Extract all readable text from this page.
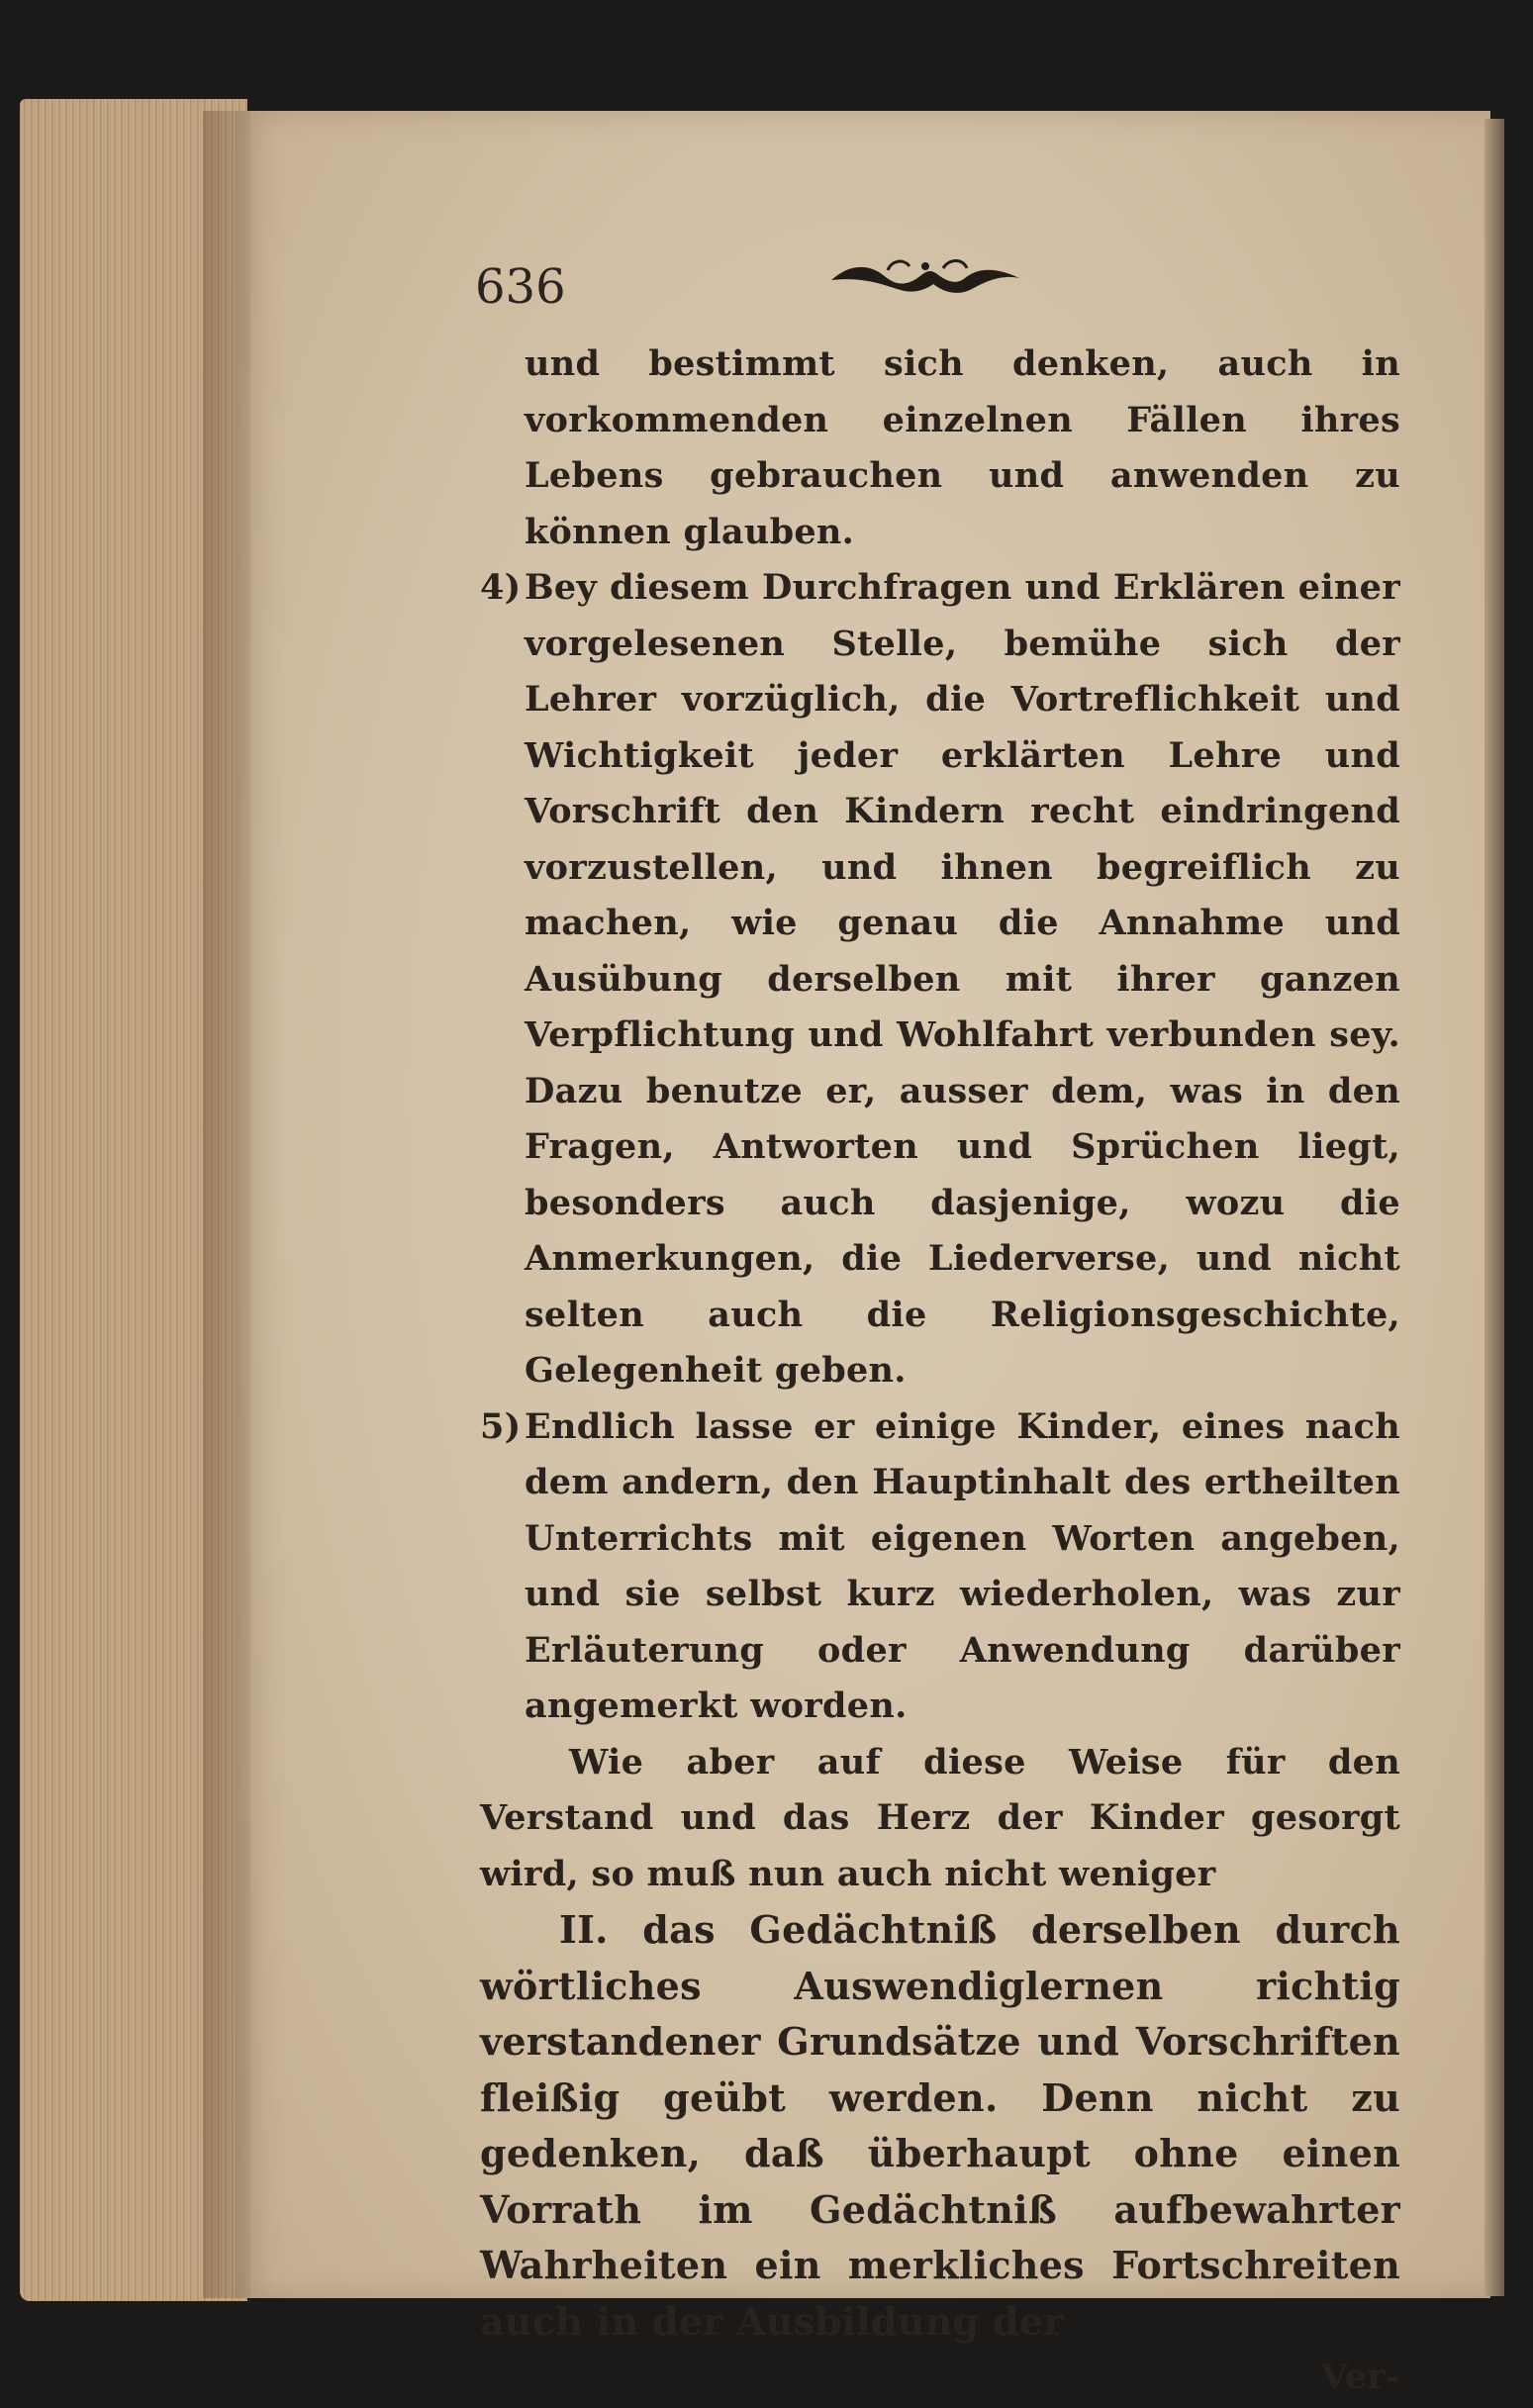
636

und bestimmt sich denken, auch in vorkommenden einzelnen Fällen ihres Lebens gebrauchen und anwenden zu können glauben.

4) Bey diesem Durchfragen und Erklären einer vorgelesenen Stelle, bemühe sich der Lehrer vorzüglich, die Vortreflichkeit und Wichtigkeit jeder erklärten Lehre und Vorschrift den Kindern recht eindringend vorzustellen, und ihnen begreiflich zu machen, wie genau die Annahme und Ausübung derselben mit ihrer ganzen Verpflichtung und Wohlfahrt verbunden sey. Dazu benutze er, ausser dem, was in den Fragen, Antworten und Sprüchen liegt, besonders auch dasjenige, wozu die Anmerkungen, die Liederverse, und nicht selten auch die Religionsgeschichte, Gelegenheit geben.
5) Endlich lasse er einige Kinder, eines nach dem andern, den Hauptinhalt des ertheilten Unterrichts mit eigenen Worten angeben, und sie selbst kurz wiederholen, was zur Erläuterung oder Anwendung darüber angemerkt worden.

Wie aber auf diese Weise für den Verstand und das Herz der Kinder gesorgt wird, so muß nun auch nicht weniger

II. das Gedächtniß derselben durch wörtliches Auswendiglernen richtig verstandener Grundsätze und Vorschriften fleißig geübt werden. Denn nicht zu gedenken, daß überhaupt ohne einen Vorrath im Gedächtniß aufbewahrter Wahrheiten ein merkliches Fortschreiten auch in der Ausbildung der

Ver-
